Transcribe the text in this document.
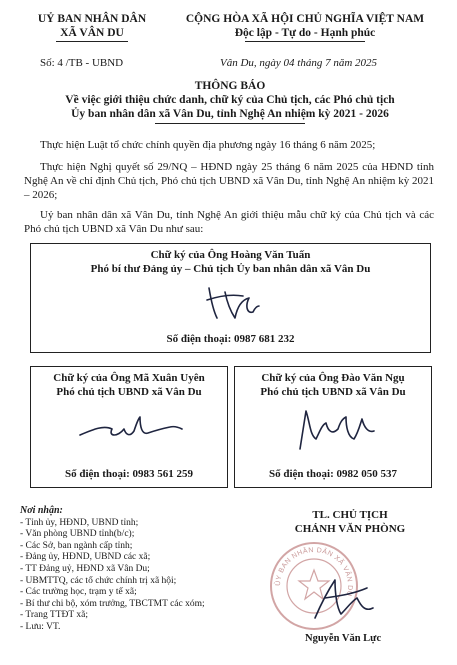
UỶ BAN NHÂN DÂN
XÃ VÂN DU
CỘNG HÒA XÃ HỘI CHỦ NGHĨA VIỆT NAM
Độc lập - Tự do - Hạnh phúc
Số: 4 /TB - UBND	Vân Du, ngày 04 tháng 7 năm 2025
THÔNG BÁO
Về việc giới thiệu chức danh, chữ ký của Chủ tịch, các Phó chủ tịch
Ủy ban nhân dân xã Vân Du, tỉnh Nghệ An nhiệm kỳ 2021 - 2026
Thực hiện Luật tổ chức chính quyền địa phương ngày 16 tháng 6 năm 2025;
Thực hiện Nghị quyết số 29/NQ – HĐND ngày 25 tháng 6 năm 2025 của HĐND tỉnh Nghệ An về chỉ định Chủ tịch, Phó chủ tịch UBND xã Vân Du, tỉnh Nghệ An nhiệm kỳ 2021 – 2026;
Uỷ ban nhân dân xã Vân Du, tỉnh Nghệ An giới thiệu mẫu chữ ký của Chủ tịch và các Phó chủ tịch UBND xã Vân Du như sau:
Chữ ký của Ông Hoàng Văn Tuấn
Phó bí thư Đảng ủy – Chủ tịch Ủy ban nhân dân xã Vân Du
Số điện thoại: 0987 681 232
Chữ ký của Ông Mã Xuân Uyên
Phó chủ tịch UBND xã Vân Du
Số điện thoại: 0983 561 259
Chữ ký của Ông Đào Văn Ngụ
Phó chủ tịch UBND xã Vân Du
Số điện thoại: 0982 050 537
Nơi nhận:
- Tỉnh ủy, HĐND, UBND tỉnh;
- Văn phòng UBND tỉnh(b/c);
- Các Sở, ban ngành cấp tỉnh;
- Đảng ủy, HĐND, UBND các xã;
- TT Đảng uỷ, HĐND xã Vân Du;
- UBMTTQ, các tổ chức chính trị xã hội;
- Các trường học, trạm y tế xã;
- Bí thư chi bộ, xóm trưởng, TBCTMT các xóm;
- Trang TTĐT xã;
- Lưu: VT.
TL. CHỦ TỊCH
CHÁNH VĂN PHÒNG
ỦY BAN NHÂN DÂN XÃ VÂN DU
Nguyễn Văn Lực
